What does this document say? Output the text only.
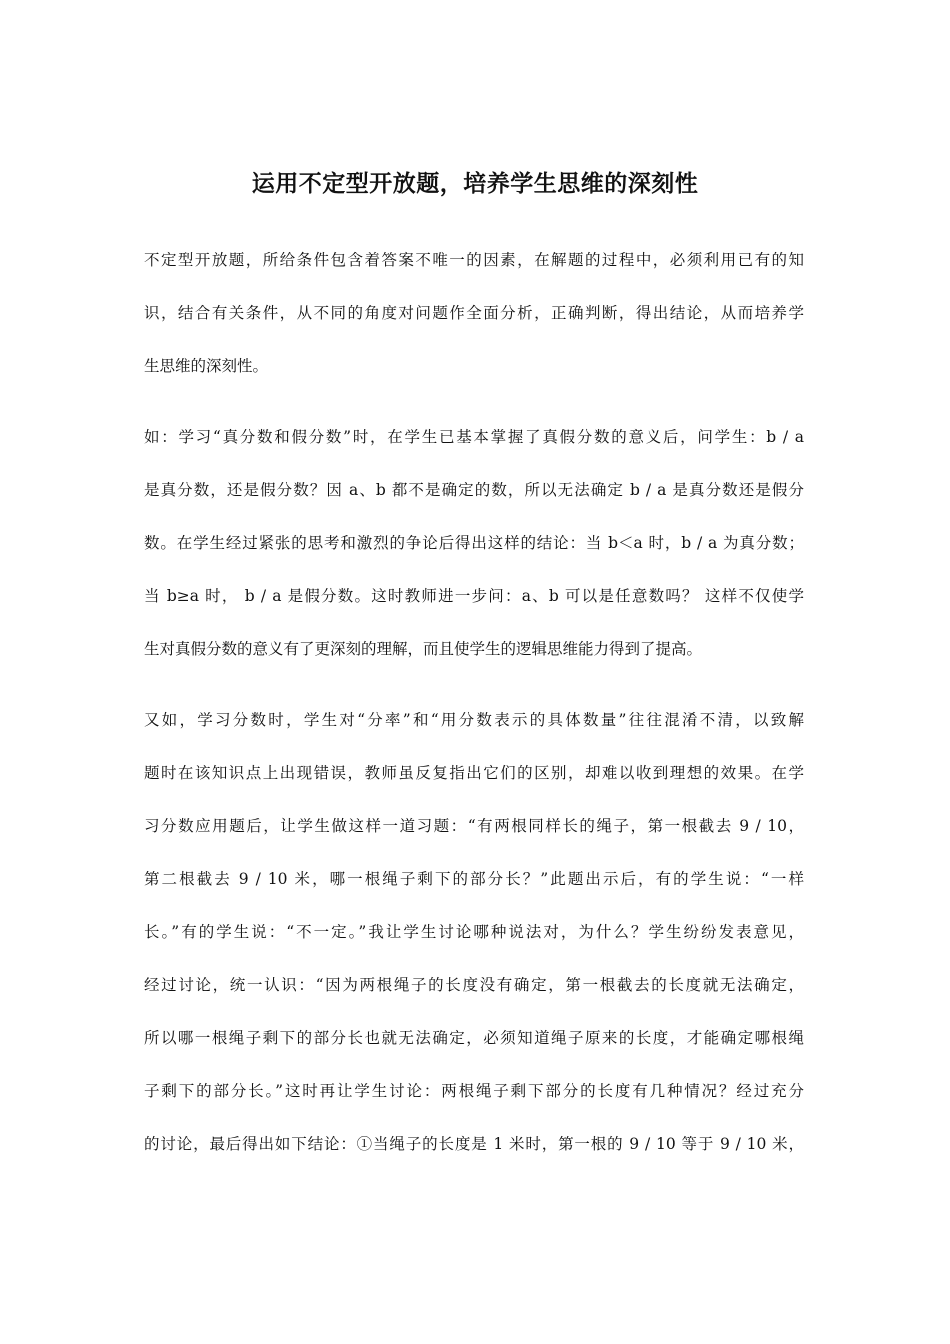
运用不定型开放题，培养学生思维的深刻性
不定型开放题，所给条件包含着答案不唯一的因素，在解题的过程中，必须利用已有的知
识，结合有关条件，从不同的角度对问题作全面分析，正确判断，得出结论，从而培养学
生思维的深刻性。
如：学习“真分数和假分数”时，在学生已基本掌握了真假分数的意义后，问学生：b / a
是真分数，还是假分数？因 a、b 都不是确定的数，所以无法确定 b / a 是真分数还是假分
数。在学生经过紧张的思考和激烈的争论后得出这样的结论：当 b＜a 时，b / a 为真分数；
当 b≥a 时， b / a 是假分数。这时教师进一步问：a、b 可以是任意数吗？ 这样不仅使学
生对真假分数的意义有了更深刻的理解，而且使学生的逻辑思维能力得到了提高。
又如，学习分数时，学生对“分率”和“用分数表示的具体数量”往往混淆不清，以致解
题时在该知识点上出现错误，教师虽反复指出它们的区别，却难以收到理想的效果。在学
习分数应用题后，让学生做这样一道习题：“有两根同样长的绳子，第一根截去 9 / 10，
第二根截去 9 / 10 米，哪一根绳子剩下的部分长？”此题出示后，有的学生说：“一样
长。”有的学生说：“不一定。”我让学生讨论哪种说法对，为什么？学生纷纷发表意见，
经过讨论，统一认识：“因为两根绳子的长度没有确定，第一根截去的长度就无法确定，
所以哪一根绳子剩下的部分长也就无法确定，必须知道绳子原来的长度，才能确定哪根绳
子剩下的部分长。”这时再让学生讨论：两根绳子剩下部分的长度有几种情况？经过充分
的讨论，最后得出如下结论：①当绳子的长度是 1 米时，第一根的 9 / 10 等于 9 / 10 米，
